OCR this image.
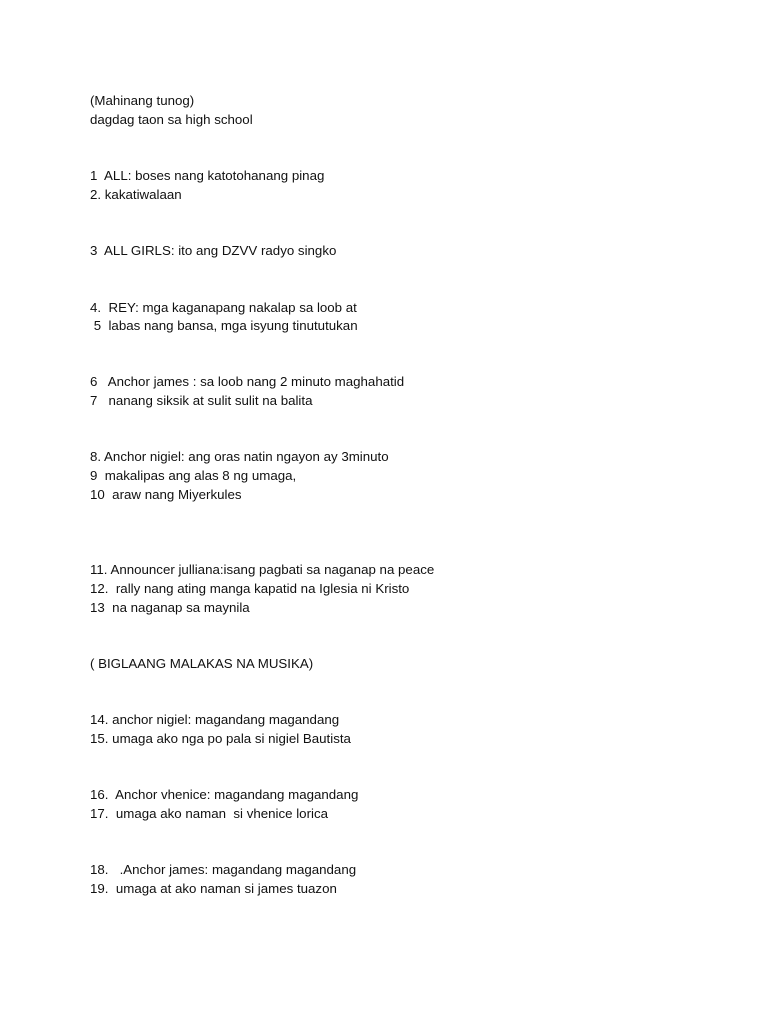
(Mahinang tunog)

dagdag taon sa high school

1  ALL: boses nang katotohanang pinag

2. kakatiwalaan

3  ALL GIRLS: ito ang DZVV radyo singko

4.  REY: mga kaganapang nakalap sa loob at

5  labas nang bansa, mga isyung tinututukan

6   Anchor james : sa loob nang 2 minuto maghahatid

7   nanang siksik at sulit sulit na balita

8. Anchor nigiel: ang oras natin ngayon ay 3minuto

9  makalipas ang alas 8 ng umaga,

10  araw nang Miyerkules

11. Announcer julliana:isang pagbati sa naganap na peace

12.  rally nang ating manga kapatid na Iglesia ni Kristo

13  na naganap sa maynila

( BIGLAANG MALAKAS NA MUSIKA)

14. anchor nigiel: magandang magandang

15. umaga ako nga po pala si nigiel Bautista

16.  Anchor vhenice: magandang magandang

17.  umaga ako naman  si vhenice lorica

18.   .Anchor james: magandang magandang

19.  umaga at ako naman si james tuazon
